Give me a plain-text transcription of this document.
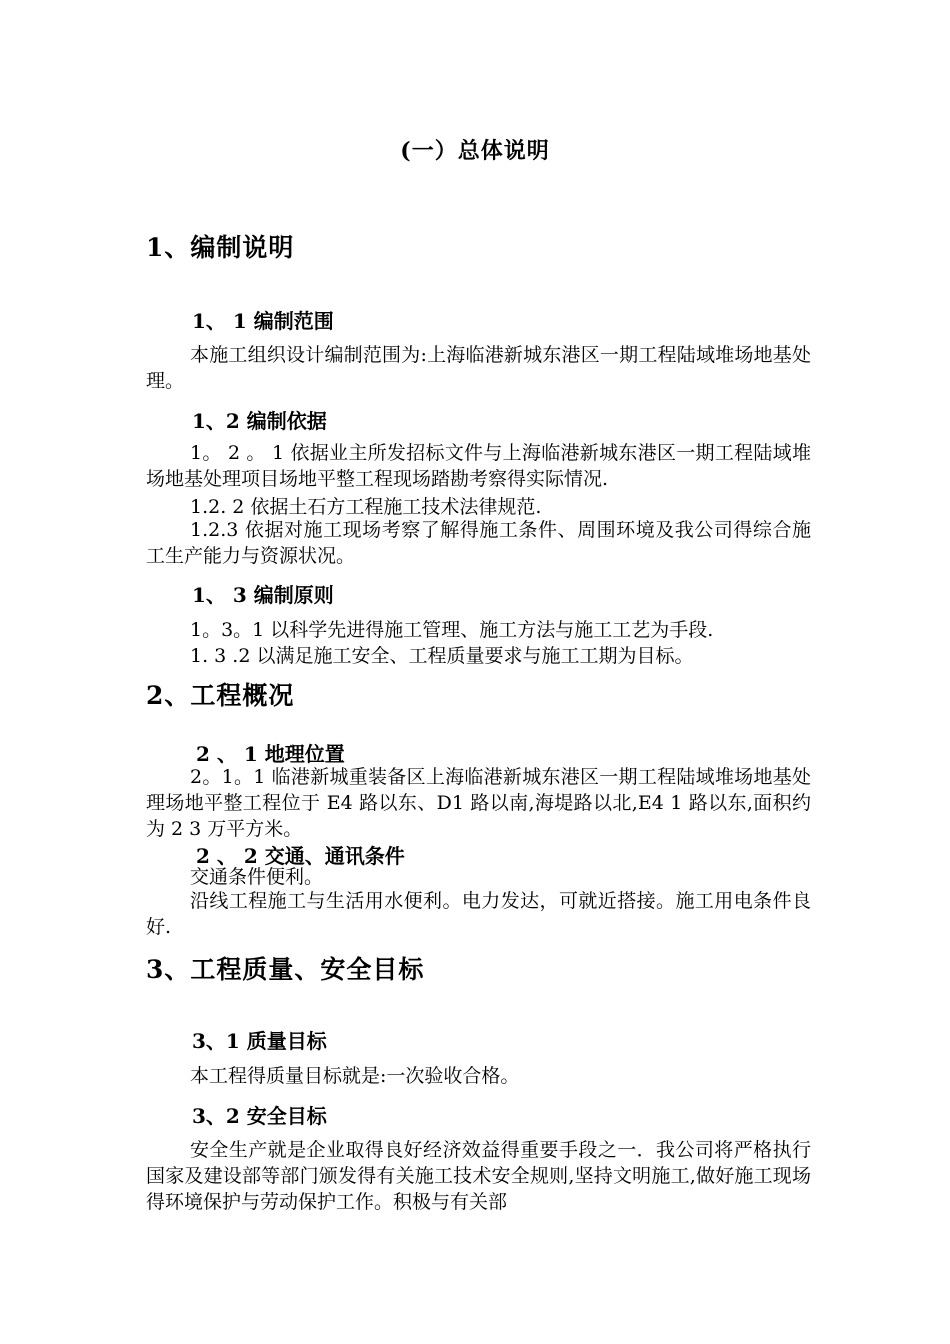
(一）总体说明
1、编制说明
1、 1 编制范围
本施工组织设计编制范围为:上海临港新城东港区一期工程陆域堆场地基处理。
1、2 编制依据
1。 2 。 1 依据业主所发招标文件与上海临港新城东港区一期工程陆域堆场地基处理项目场地平整工程现场踏勘考察得实际情况.
1.2. 2 依据土石方工程施工技术法律规范.
1.2.3 依据对施工现场考察了解得施工条件、周围环境及我公司得综合施工生产能力与资源状况。
1、 3 编制原则
1。3。1 以科学先进得施工管理、施工方法与施工工艺为手段.
1. 3 .2 以满足施工安全、工程质量要求与施工工期为目标。
2、工程概况
2 、 1 地理位置
2。1。1 临港新城重装备区上海临港新城东港区一期工程陆域堆场地基处理场地平整工程位于 E4 路以东、D1 路以南,海堤路以北,E4 1 路以东,面积约为 2 3 万平方米。
2 、 2 交通、通讯条件
交通条件便利。
沿线工程施工与生活用水便利。电力发达，可就近搭接。施工用电条件良好.
3、工程质量、安全目标
3、1 质量目标
本工程得质量目标就是:一次验收合格。
3、2 安全目标
安全生产就是企业取得良好经济效益得重要手段之一．我公司将严格执行国家及建设部等部门颁发得有关施工技术安全规则,坚持文明施工,做好施工现场得环境保护与劳动保护工作。积极与有关部
